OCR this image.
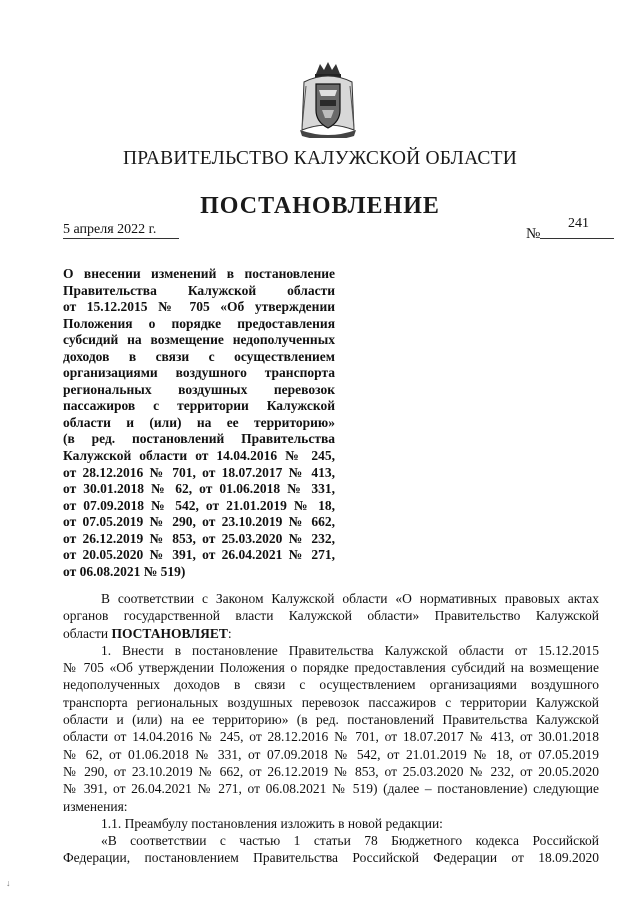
ПРАВИТЕЛЬСТВО КАЛУЖСКОЙ ОБЛАСТИ
ПОСТАНОВЛЕНИЕ
5 апреля 2022 г.	№
241
О внесении изменений в постановление
Правительства Калужской области
от 15.12.2015 № 705 «Об утверждении
Положения о порядке предоставления
субсидий на возмещение недополученных
доходов в связи с осуществлением
организациями воздушного транспорта
региональных воздушных перевозок
пассажиров с территории Калужской
области и (или) на ее территорию»
(в ред. постановлений Правительства
Калужской области от 14.04.2016 № 245,
от 28.12.2016 № 701, от 18.07.2017 № 413,
от 30.01.2018 № 62, от 01.06.2018 № 331,
от 07.09.2018 № 542, от 21.01.2019 № 18,
от 07.05.2019 № 290, от 23.10.2019 № 662,
от 26.12.2019 № 853, от 25.03.2020 № 232,
от 20.05.2020 № 391, от 26.04.2021 № 271,
от 06.08.2021 № 519)
В соответствии с Законом Калужской области «О нормативных правовых актах
органов государственной власти Калужской области» Правительство Калужской
области ПОСТАНОВЛЯЕТ:
1. Внести в постановление Правительства Калужской области от 15.12.2015
№ 705 «Об утверждении Положения о порядке предоставления субсидий на возмещение
недополученных доходов в связи с осуществлением организациями воздушного
транспорта региональных воздушных перевозок пассажиров с территории Калужской
области и (или) на ее территорию» (в ред. постановлений Правительства Калужской
области от 14.04.2016 № 245, от 28.12.2016 № 701, от 18.07.2017 № 413, от 30.01.2018
№ 62, от 01.06.2018 № 331, от 07.09.2018 № 542, от 21.01.2019 № 18, от 07.05.2019
№ 290, от 23.10.2019 № 662, от 26.12.2019 № 853, от 25.03.2020 № 232, от 20.05.2020
№ 391, от 26.04.2021 № 271, от 06.08.2021 № 519) (далее – постановление) следующие
изменения:
1.1. Преамбулу постановления изложить в новой редакции:
«В соответствии с частью 1 статьи 78 Бюджетного кодекса Российской
Федерации, постановлением Правительства Российской Федерации от 18.09.2020
↓
